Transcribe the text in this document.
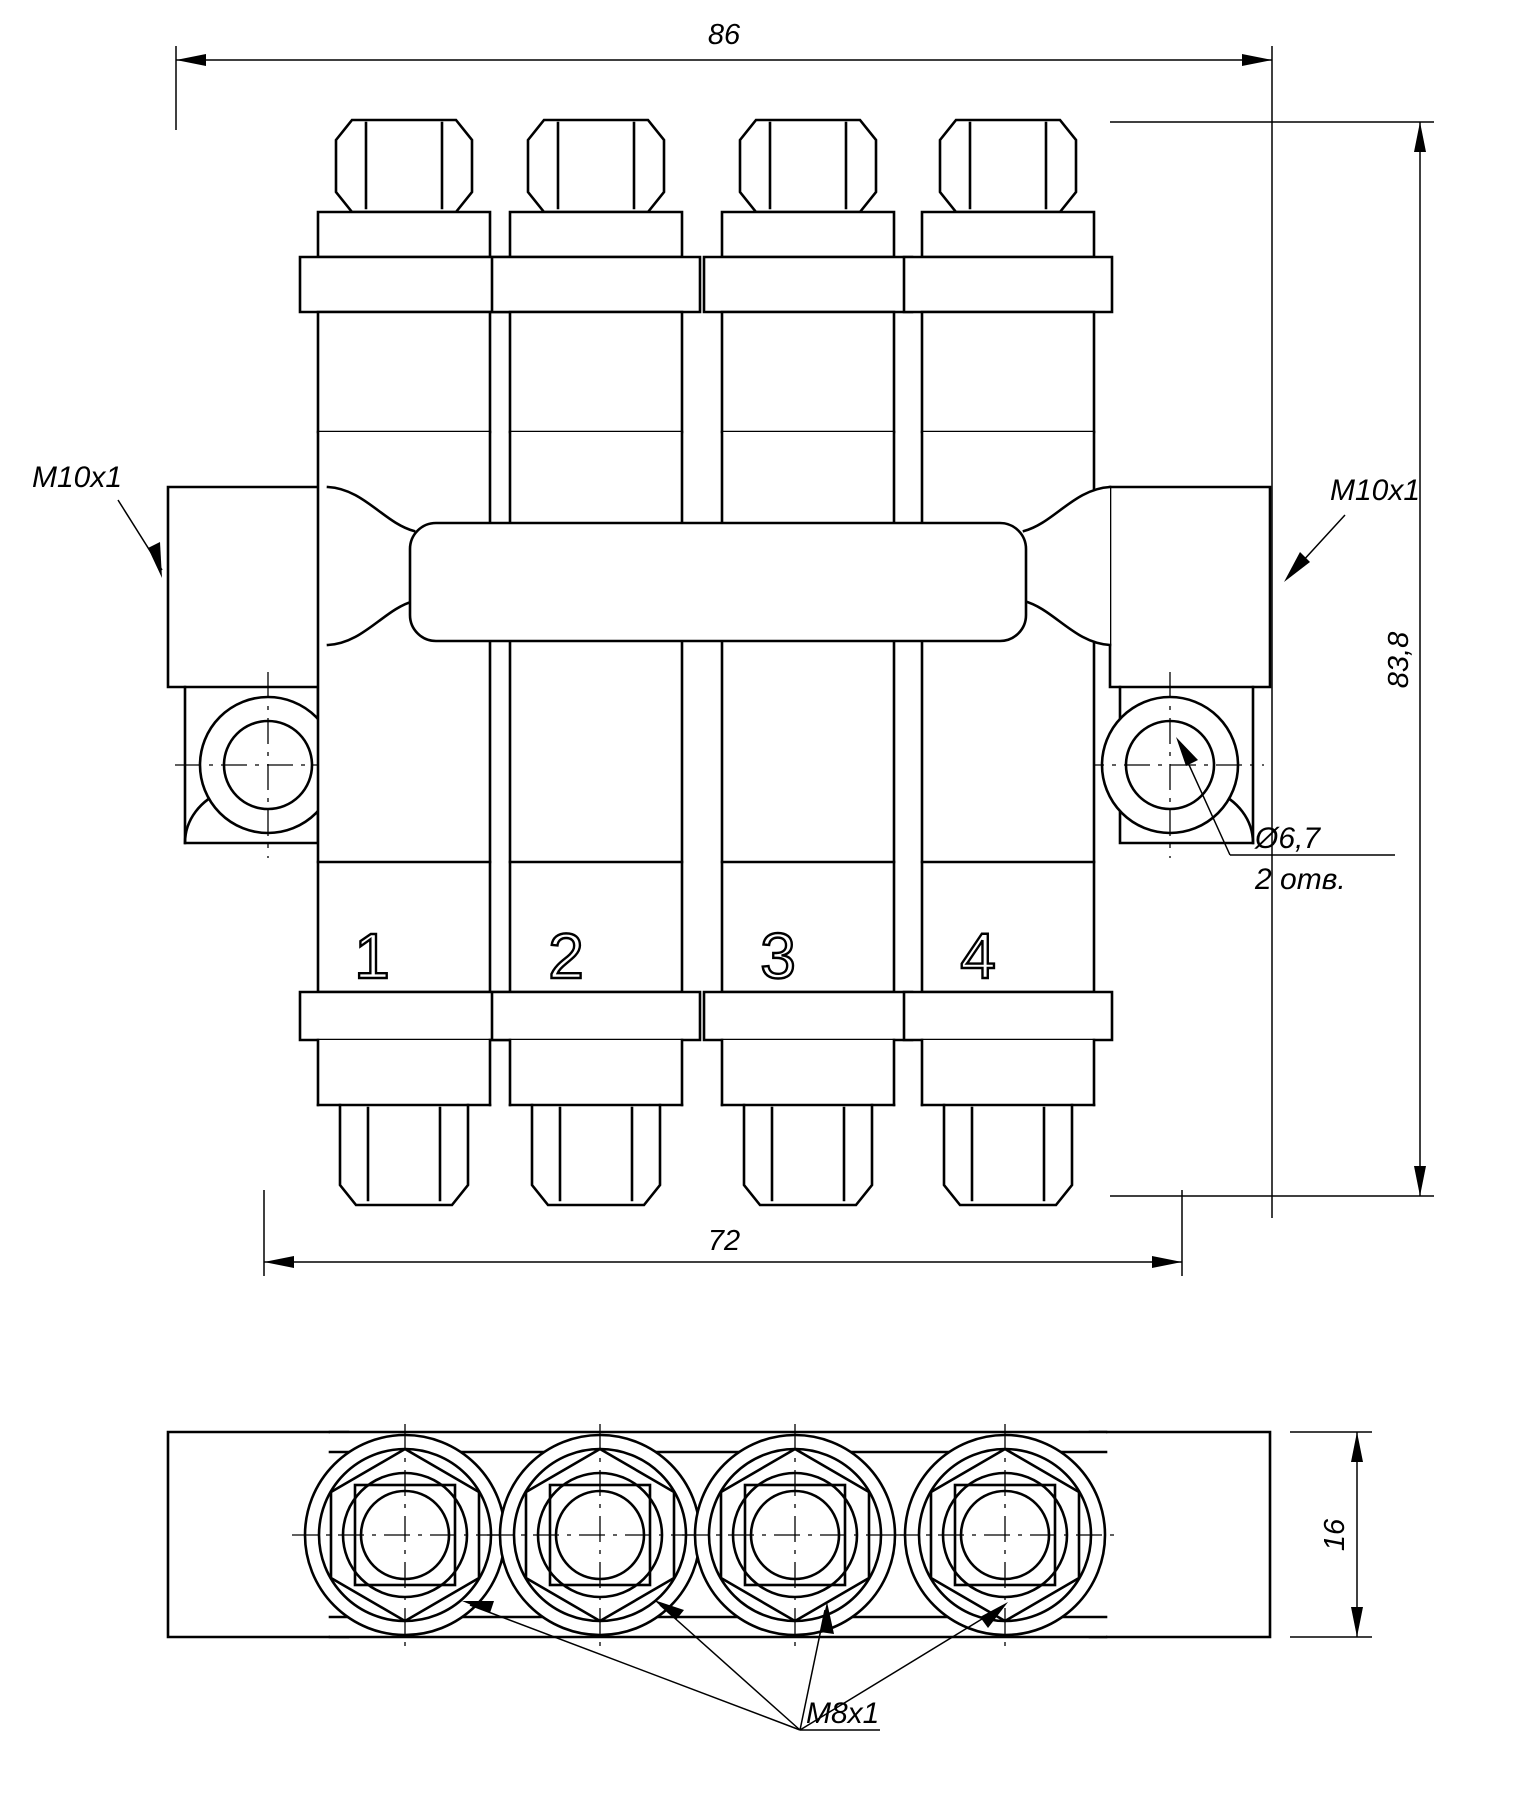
M10x1	M10x1
Ø6,7
2 отв.
1 2	3	4
M8x1
86
72
83,8
16
